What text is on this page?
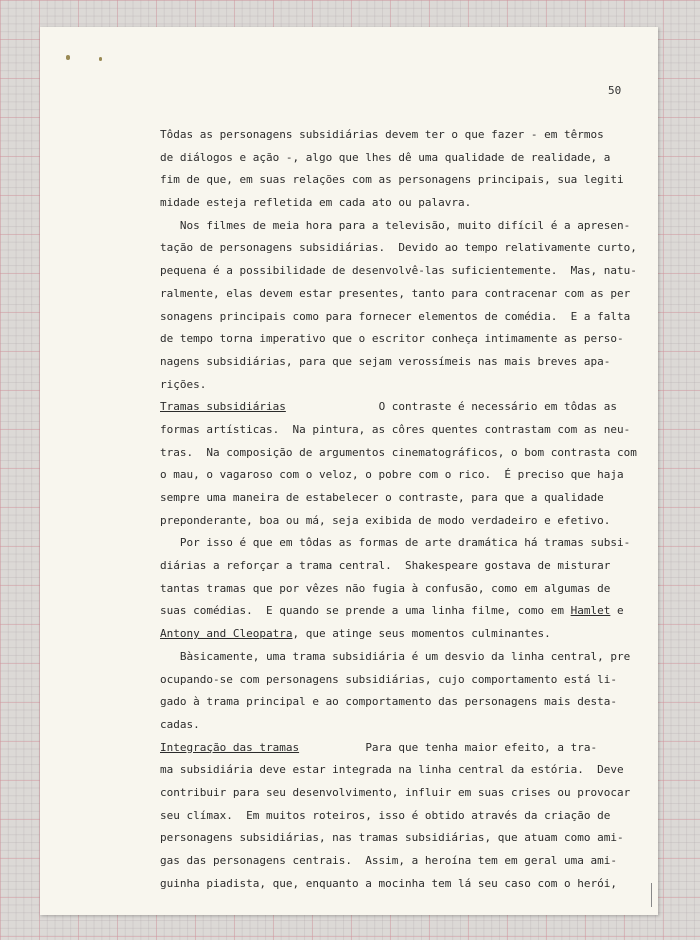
50
Tôdas as personagens subsidiárias devem ter o que fazer - em têrmos
de diálogos e ação -, algo que lhes dê uma qualidade de realidade, a
fim de que, em suas relações com as personagens principais, sua legiti
midade esteja refletida em cada ato ou palavra.
Nos filmes de meia hora para a televisão, muito difícil é a apresen-
tação de personagens subsidiárias.  Devido ao tempo relativamente curto,
pequena é a possibilidade de desenvolvê-las suficientemente.  Mas, natu-
ralmente, elas devem estar presentes, tanto para contracenar com as per
sonagens principais como para fornecer elementos de comédia.  E a falta
de tempo torna imperativo que o escritor conheça intimamente as perso-
nagens subsidiárias, para que sejam verossímeis nas mais breves apa-
rições.
Tramas subsidiárias	O contraste é necessário em tôdas as
formas artísticas.  Na pintura, as côres quentes contrastam com as neu-
tras.  Na composição de argumentos cinematográficos, o bom contrasta com
o mau, o vagaroso com o veloz, o pobre com o rico.  É preciso que haja
sempre uma maneira de estabelecer o contraste, para que a qualidade
preponderante, boa ou má, seja exibida de modo verdadeiro e efetivo.
Por isso é que em tôdas as formas de arte dramática há tramas subsi-
diárias a reforçar a trama central.  Shakespeare gostava de misturar
tantas tramas que por vêzes não fugia à confusão, como em algumas de
suas comédias.  E quando se prende a uma linha filme, como em Hamlet e
Antony and Cleopatra, que atinge seus momentos culminantes.
Bàsicamente, uma trama subsidiária é um desvio da linha central, pre
ocupando-se com personagens subsidiárias, cujo comportamento está li-
gado à trama principal e ao comportamento das personagens mais desta-
cadas.
Integração das tramas	Para que tenha maior efeito, a tra-
ma subsidiária deve estar integrada na linha central da estória.  Deve
contribuir para seu desenvolvimento, influir em suas crises ou provocar
seu clímax.  Em muitos roteiros, isso é obtido através da criação de
personagens subsidiárias, nas tramas subsidiárias, que atuam como ami-
gas das personagens centrais.  Assim, a heroína tem em geral uma ami-
guinha piadista, que, enquanto a mocinha tem lá seu caso com o herói,
